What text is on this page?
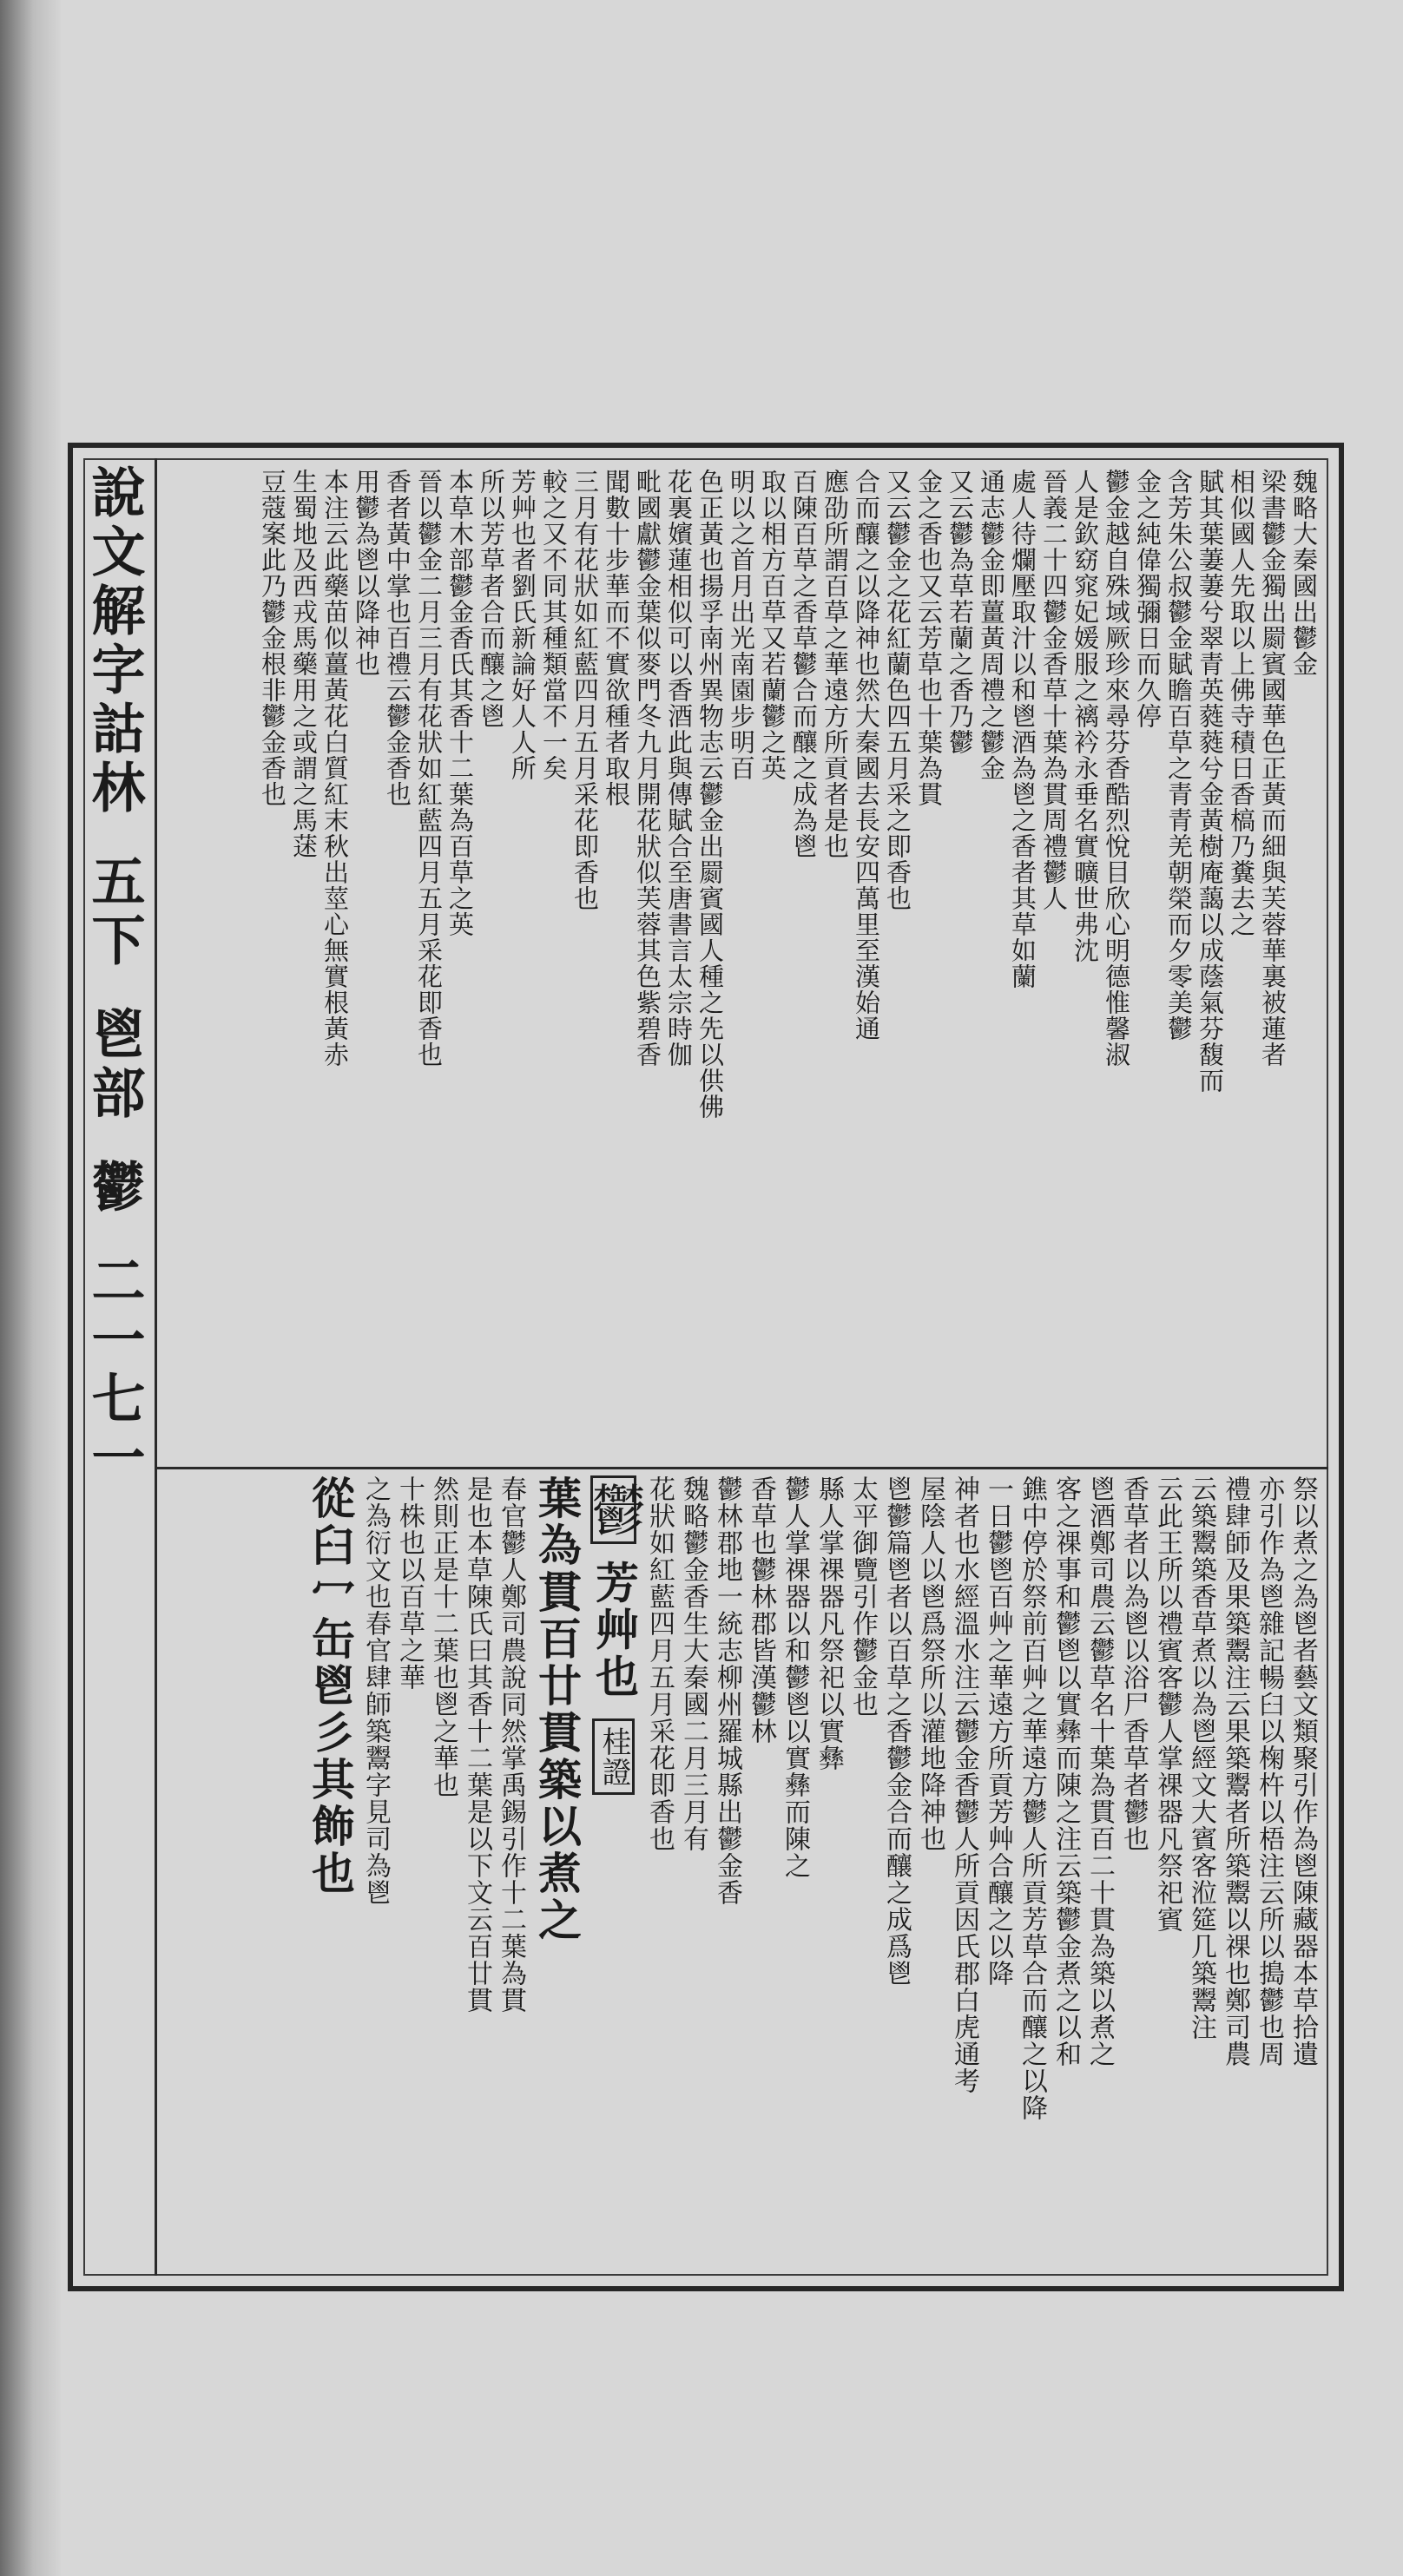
說文解字詁林
五下
鬯部
鬱
二一七一
魏略大秦國出鬱金
梁書鬱金獨出罽賓國華色正黃而細與芙蓉華裏被蓮者
相似國人先取以上佛寺積日香槁乃糞去之
賦其葉萋萋兮翠青英蕤蕤兮金黃樹庵藹以成蔭氣芬馥而
含芳朱公叔鬱金賦瞻百草之青青羌朝榮而夕零美鬱
金之純偉獨彌日而久停
鬱金越自殊域厥珍來尋芬香酷烈悅目欣心明德惟馨淑
人是欽窈窕妃媛服之褵衿永垂名實曠世弗沈
晉義二十四鬱金香草十葉為貫周禮鬱人
處人待爛壓取汁以和鬯酒為鬯之香者其草如蘭
通志鬱金即薑黃周禮之鬱金
又云鬱為草若蘭之香乃鬱
金之香也又云芳草也十葉為貫
又云鬱金之花紅蘭色四五月采之即香也
合而釀之以降神也然大秦國去長安四萬里至漢始通
應劭所謂百草之華遠方所貢者是也
百陳百草之香草鬱合而釀之成為鬯
取以相方百草又若蘭鬱之英
明以之首月出光南園步明百
色正黃也揚孚南州異物志云鬱金出罽賓國人種之先以供佛
花裏嬪蓮相似可以香酒此與傳賦合至唐書言太宗時伽
毗國獻鬱金葉似麥門冬九月開花狀似芙蓉其色紫碧香
聞數十步華而不實欲種者取根
三月有花狀如紅藍四月五月采花即香也
較之又不同其種類當不一矣
芳艸也者劉氏新論好人人所
所以芳草者合而釀之鬯
本草木部鬱金香氏其香十二葉為百草之英
晉以鬱金二月三月有花狀如紅藍四月五月采花即香也
香者黃中掌也百禮云鬱金香也
用鬱為鬯以降神也
本注云此藥苗似薑黃花白質紅末秋出莖心無實根黃赤
生蜀地及西戎馬藥用之或謂之馬蒁
豆蔻案此乃鬱金根非鬱金香也
祭以煮之為鬯者藝文類聚引作為鬯陳藏器本草拾遺
亦引作為鬯雜記暢臼以椈杵以梧注云所以搗鬱也周
禮肆師及果築鬻注云果築鬻者所築鬻以祼也鄭司農
云築鬻築香草煮以為鬯經文大賓客涖筵几築鬻注
云此王所以禮賓客鬱人掌祼器凡祭祀賓
香草者以為鬯以浴尸香草者鬱也
鬯酒鄭司農云鬱草名十葉為貫百二十貫為築以煮之
客之祼事和鬱鬯以實彝而陳之注云築鬱金煮之以和
鐎中停於祭前百艸之華遠方鬱人所貢芳草合而釀之以降
一日鬱鬯百艸之華遠方所貢芳艸合釀之以降
神者也水經溫水注云鬱金香鬱人所貢因氏郡白虎通考
屋陰人以鬯爲祭所以灌地降神也
鬯鬱篇鬯者以百草之香鬱金合而釀之成爲鬯
太平御覽引作鬱金也
縣人掌祼器凡祭祀以實彝
鬱人掌祼器以和鬱鬯以實彝而陳之
香草也鬱林郡皆漢鬱林
鬱林郡地一統志柳州羅城縣出鬱金香
魏略鬱金香生大秦國二月三月有
花狀如紅藍四月五月采花即香也
鬱 芳艸也 桂證
葉為貫百廿貫築以煮之
春官鬱人鄭司農說同然掌禹錫引作十二葉為貫
是也本草陳氏曰其香十二葉是以下文云百廿貫
然則正是十二葉也鬯之華也
十株也以百草之華
之為衍文也春官肆師築鬻字見司為鬯
從臼冖缶鬯彡其飾也
